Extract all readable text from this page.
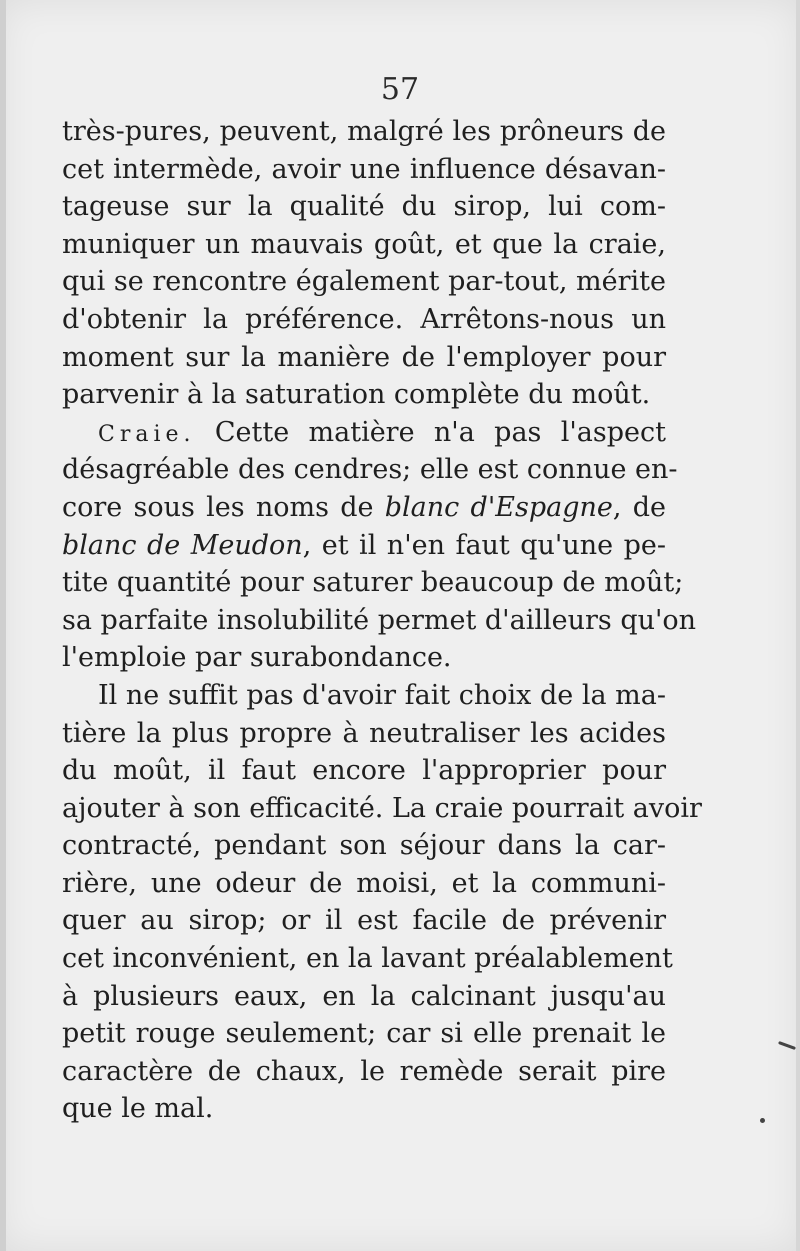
57
très-pures, peuvent, malgré les prôneurs de
cet intermède, avoir une influence désavan-
tageuse sur la qualité du sirop, lui com-
muniquer un mauvais goût, et que la craie,
qui se rencontre également par-tout, mérite
d'obtenir la préférence. Arrêtons-nous un
moment sur la manière de l'employer pour
parvenir à la saturation complète du moût.
Craie. Cette matière n'a pas l'aspect
désagréable des cendres; elle est connue en-
core sous les noms de blanc d'Espagne, de
blanc de Meudon, et il n'en faut qu'une pe-
tite quantité pour saturer beaucoup de moût;
sa parfaite insolubilité permet d'ailleurs qu'on
l'emploie par surabondance.
Il ne suffit pas d'avoir fait choix de la ma-
tière la plus propre à neutraliser les acides
du moût, il faut encore l'approprier pour
ajouter à son efficacité. La craie pourrait avoir
contracté, pendant son séjour dans la car-
rière, une odeur de moisi, et la communi-
quer au sirop; or il est facile de prévenir
cet inconvénient, en la lavant préalablement
à plusieurs eaux, en la calcinant jusqu'au
petit rouge seulement; car si elle prenait le
caractère de chaux, le remède serait pire
que le mal.
